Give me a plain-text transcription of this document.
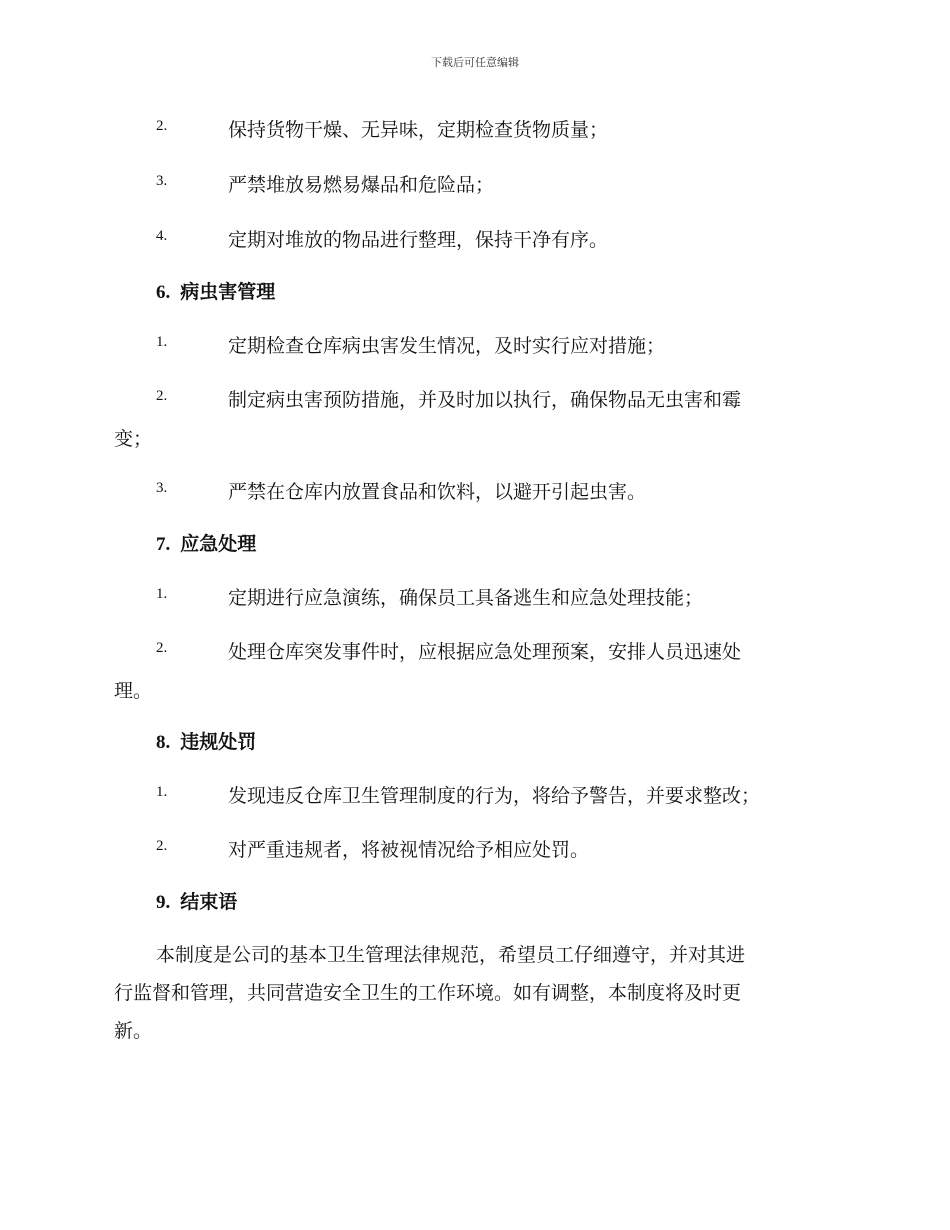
下载后可任意编辑
2.	保持货物干燥、无异味，定期检查货物质量；
3.	严禁堆放易燃易爆品和危险品；
4.	定期对堆放的物品进行整理，保持干净有序。
6. 病虫害管理
1.	定期检查仓库病虫害发生情况，及时实行应对措施；
2.	制定病虫害预防措施，并及时加以执行，确保物品无虫害和霉
变；
3.	严禁在仓库内放置食品和饮料，以避开引起虫害。
7. 应急处理
1.	定期进行应急演练，确保员工具备逃生和应急处理技能；
2.	处理仓库突发事件时，应根据应急处理预案，安排人员迅速处
理。
8. 违规处罚
1.	发现违反仓库卫生管理制度的行为，将给予警告，并要求整改；
2.	对严重违规者，将被视情况给予相应处罚。
9. 结束语
本制度是公司的基本卫生管理法律规范，希望员工仔细遵守，并对其进
行监督和管理，共同营造安全卫生的工作环境。如有调整，本制度将及时更
新。
